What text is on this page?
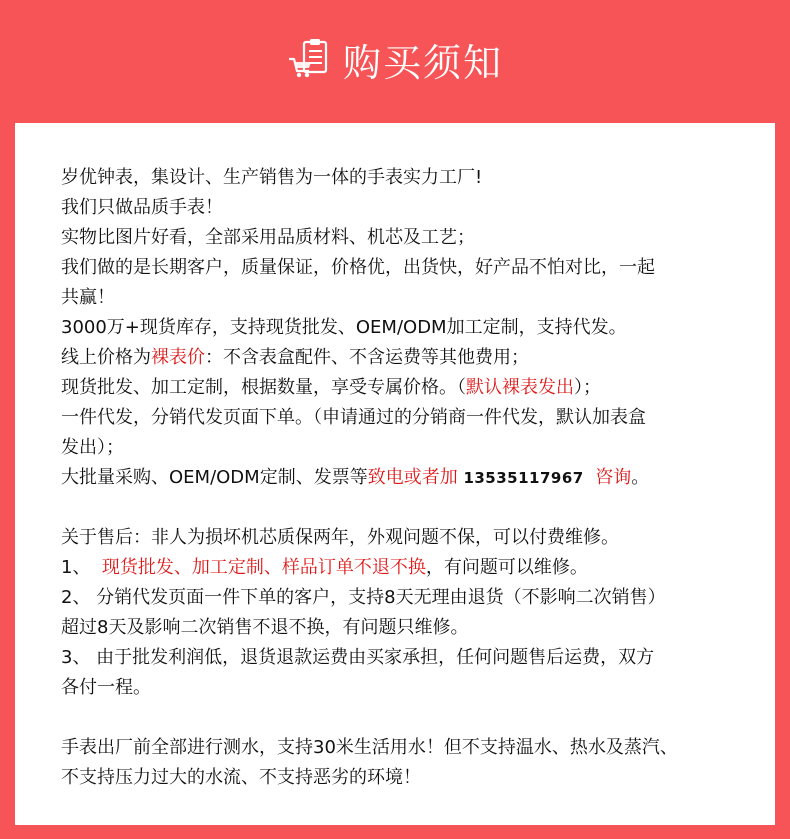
购买须知
岁优钟表，集设计、生产销售为一体的手表实力工厂!
我们只做品质手表！
实物比图片好看，全部采用品质材料、机芯及工艺；
我们做的是长期客户，质量保证，价格优，出货快，好产品不怕对比，一起
共赢！
3000万+现货库存，支持现货批发、OEM/ODM加工定制，支持代发。
线上价格为裸表价：不含表盒配件、不含运费等其他费用；
现货批发、加工定制，根据数量，享受专属价格。（默认裸表发出）；
一件代发，分销代发页面下单。（申请通过的分销商一件代发，默认加表盒
发出）；
大批量采购、OEM/ODM定制、发票等致电或者加 13535117967 咨询。
关于售后：非人为损坏机芯质保两年，外观问题不保，可以付费维修。
1、 现货批发、加工定制、样品订单不退不换，有问题可以维修。
2、 分销代发页面一件下单的客户，支持8天无理由退货（不影响二次销售）
超过8天及影响二次销售不退不换，有问题只维修。
3、 由于批发利润低，退货退款运费由买家承担，任何问题售后运费，双方
各付一程。
手表出厂前全部进行测水，支持30米生活用水！但不支持温水、热水及蒸汽、
不支持压力过大的水流、不支持恶劣的环境！
